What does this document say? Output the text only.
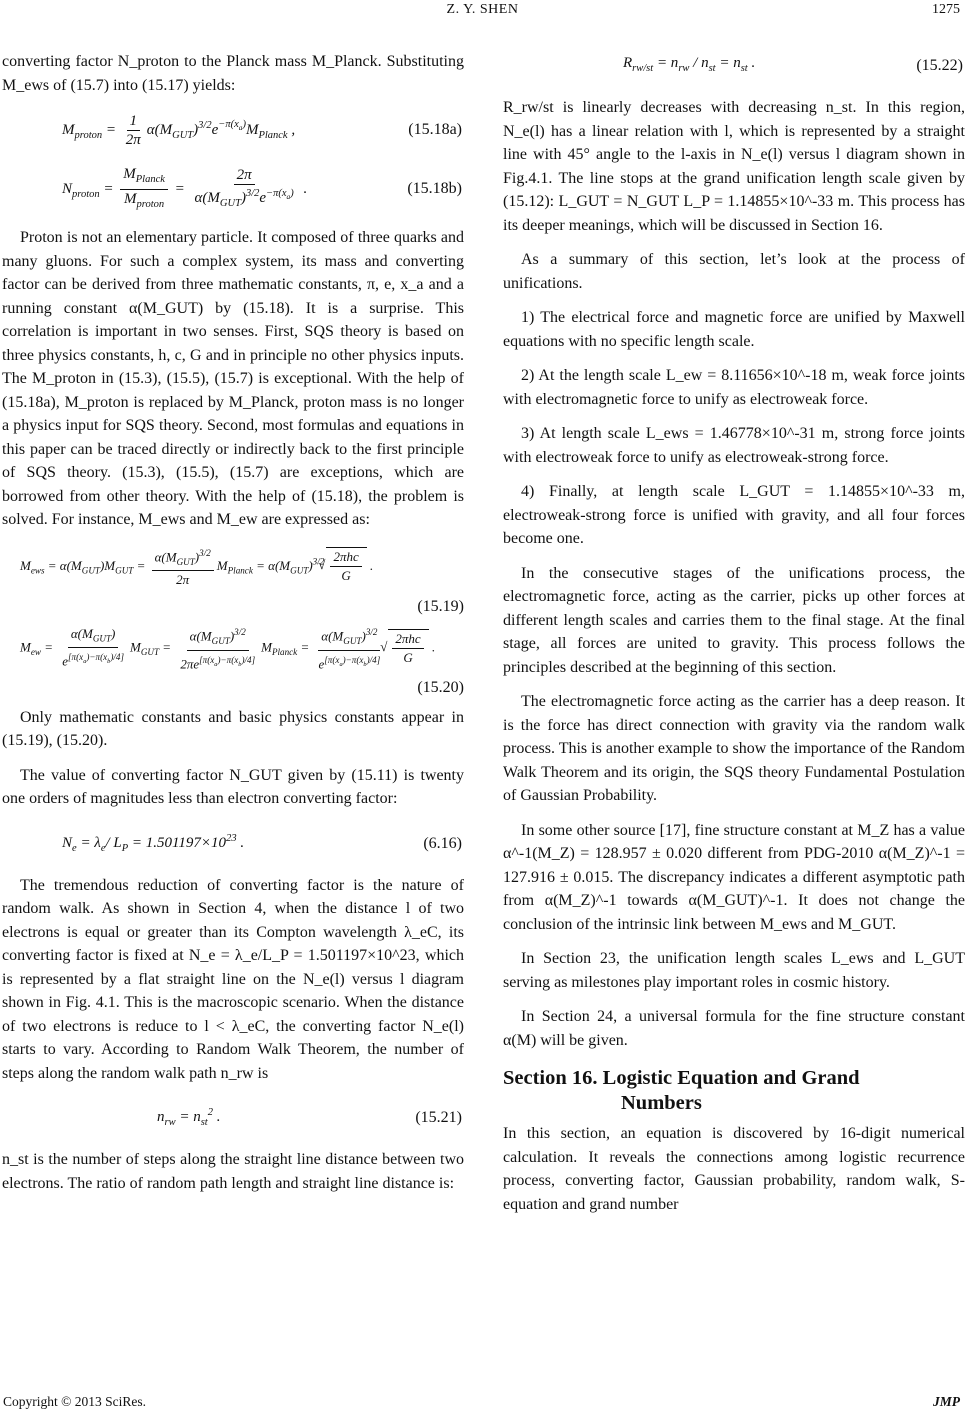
Z. Y. SHEN	1275

converting factor N_proton to the Planck mass M_Planck. Substituting M_ews of (15.7) into (15.17) yields:

$M_{proton} = \frac{1}{2\pi} \alpha(M_{GUT})^{3/2}e^{-\pi(x_a)}M_{Planck}$ ,	(15.18a)
$N_{proton} = \frac{M_{Planck}}{M_{proton}} = \frac{2\pi}{\alpha(M_{GUT})^{3/2}e^{-\pi(x_a)}}$ .	(15.18b)

Proton is not an elementary particle. It composed of three quarks and many gluons. For such a complex system, its mass and converting factor can be derived from three mathematic constants, π, e, x_a and a running constant α(M_GUT) by (15.18). It is a surprise. This correlation is important in two senses. First, SQS theory is based on three physics constants, h, c, G and in principle no other physics inputs. The M_proton in (15.3), (15.5), (15.7) is exceptional. With the help of (15.18a), M_proton is replaced by M_Planck, proton mass is no longer a physics input for SQS theory. Second, most formulas and equations in this paper can be traced directly or indirectly back to the first principle of SQS theory. (15.3), (15.5), (15.7) are exceptions, which are borrowed from other theory. With the help of (15.18), the problem is solved. For instance, M_ews and M_ew are expressed as:

$M_{ews} = \alpha(M_{GUT})M_{GUT} = \frac{\alpha(M_{GUT})^{3/2}}{2\pi} M_{Planck} = \alpha(M_{GUT})^{3/2}$ √ $\frac{\text{2πhc}}{G}$ .
(15.19)
$M_{ew} = \frac{\alpha(M_{GUT})}{e^{[\pi(x_a)-\pi(x_b)/4]}} M_{GUT} = \frac{\alpha(M_{GUT})^{3/2}}{2\pi e^{[\pi(x_a)-\pi(x_b)/4]}} M_{Planck} = \frac{\alpha(M_{GUT})^{3/2}}{e^{[\pi(x_a)-\pi(x_b)/4]}}$ √ $\frac{\text{2πhc}}{G}$ .
(15.20)

Only mathematic constants and basic physics constants appear in (15.19), (15.20).

The value of converting factor N_GUT given by (15.11) is twenty one orders of magnitudes less than electron converting factor:

$N_e = \lambda_e/$ $L_P = 1.501197\times 10^{23}$ .	(6.16)

The tremendous reduction of converting factor is the nature of random walk. As shown in Section 4, when the distance l of two electrons is equal or greater than its Compton wavelength λ_eC, its converting factor is fixed at N_e = λ_e/L_P = 1.501197×10^23, which is represented by a flat straight line on the N_e(l) versus l diagram shown in Fig. 4.1. This is the macroscopic scenario. When the distance of two electrons is reduce to l < λ_eC, the converting factor N_e(l) starts to vary. According to Random Walk Theorem, the number of steps along the random walk path n_rw is

$n_{rw} = n_{st}^2$ .	(15.21)

n_st is the number of steps along the straight line distance between two electrons. The ratio of random path length and straight line distance is:

$R_{rw/st} = n_{rw} / n_{st} = n_{st}$ .	(15.22)

R_rw/st is linearly decreases with decreasing n_st. In this region, N_e(l) has a linear relation with l, which is represented by a straight line with 45° angle to the l-axis in N_e(l) versus l diagram shown in Fig.4.1. The line stops at the grand unification length scale given by (15.12): L_GUT = N_GUT L_P = 1.14855×10^-33 m. This process has its deeper meanings, which will be discussed in Section 16.

As a summary of this section, let’s look at the process of unifications.

1) The electrical force and magnetic force are unified by Maxwell equations with no specific length scale.

2) At the length scale L_ew = 8.11656×10^-18 m, weak force joints with electromagnetic force to unify as electroweak force.

3) At length scale L_ews = 1.46778×10^-31 m, strong force joints with electroweak force to unify as electroweak-strong force.

4) Finally, at length scale L_GUT = 1.14855×10^-33 m, electroweak-strong force is unified with gravity, and all four forces become one.

In the consecutive stages of the unifications process, the electromagnetic force, acting as the carrier, picks up other forces at different length scales and carries them to the final stage. At the final stage, all forces are united to gravity. This process follows the principles described at the beginning of this section.

The electromagnetic force acting as the carrier has a deep reason. It is the force has direct connection with gravity via the random walk process. This is another example to show the importance of the Random Walk Theorem and its origin, the SQS theory Fundamental Postulation of Gaussian Probability.

In some other source [17], fine structure constant at M_Z has a value α^-1(M_Z) = 128.957 ± 0.020 different from PDG-2010 α(M_Z)^-1 = 127.916 ± 0.015. The discrepancy indicates a different asymptotic path from α(M_Z)^-1 towards α(M_GUT)^-1. It does not change the conclusion of the intrinsic link between M_ews and M_GUT.

In Section 23, the unification length scales L_ews and L_GUT serving as milestones play important roles in cosmic history.

In Section 24, a universal formula for the fine structure constant α(M) will be given.

Section 16. Logistic Equation and Grand
Numbers

In this section, an equation is discovered by 16-digit numerical calculation. It reveals the connections among logistic recurrence process, converting factor, Gaussian probability, random walk, S-equation and grand number

Copyright © 2013 SciRes.	JMP
